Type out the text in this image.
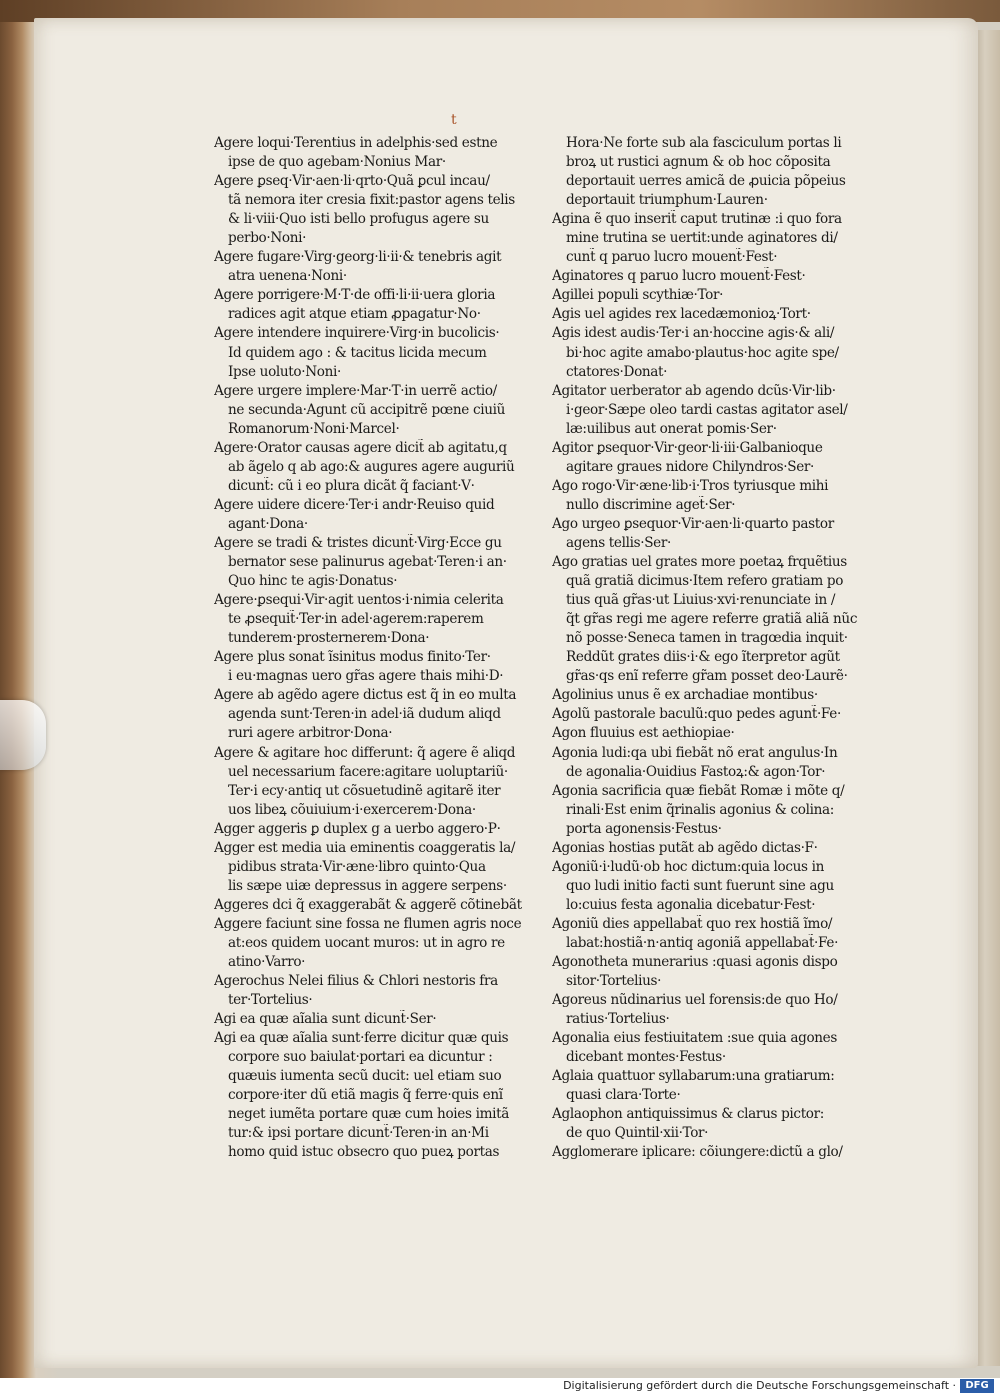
t
Agere loqui·Terentius in adelphis·sed estne
ipse de quo agebam·Nonius Mar·
Agere ꝑseq·Vir·aen·li·qrto·Quã ꝑcul incau/
tã nemora iter cresia fixit:pastor agens telis
& li·viii·Quo isti bello profugus agere su
perbo·Noni·
Agere fugare·Virg·georg·li·ii·& tenebris agit
atra uenena·Noni·
Agere porrigere·M·T·de offi·li·ii·uera gloria
radices agit atque etiam ꝓpagatur·No·
Agere intendere inquirere·Virg·in bucolicis·
Id quidem ago : & tacitus licida mecum
Ipse uoluto·Noni·
Agere urgere implere·Mar·T·in uerrẽ actio/
ne secunda·Agunt cũ accipitrẽ pœne ciuiũ
Romanorum·Noni·Marcel·
Agere·Orator causas agere dicit̃ ab agitatu,q
ab ãgelo q ab ago:& augures agere auguriũ
dicunt̃: cũ i eo plura dicãt q̃ faciant·V·
Agere uidere dicere·Ter·i andr·Reuiso quid
agant·Dona·
Agere se tradi & tristes dicunt̃·Virg·Ecce gu
bernator sese palinurus agebat·Teren·i an·
Quo hinc te agis·Donatus·
Agere·ꝑsequi·Vir·agit uentos·i·nimia celerita
te ꝓsequit̃·Ter·in adel·agerem:raperem
tunderem·prosternerem·Dona·
Agere plus sonat ĩsinitus modus finito·Ter·
i eu·magnas uero gr̃as agere thais mihi·D·
Agere ab agẽdo agere dictus est q̃ in eo multa
agenda sunt·Teren·in adel·iã dudum aliqd
ruri agere arbitror·Dona·
Agere & agitare hoc differunt: q̃ agere ẽ aliqd
uel necessarium facere:agitare uoluptariũ·
Ter·i ecy·antiq ut cõsuetudinẽ agitarẽ iter
uos libeꝝ cõuiuium·i·exercerem·Dona·
Agger aggeris ꝑ duplex g a uerbo aggero·P·
Agger est media uia eminentis coaggeratis la/
pidibus strata·Vir·æne·libro quinto·Qua
lis sæpe uiæ depressus in aggere serpens·
Aggeres dci q̃ exaggerabãt & aggerẽ cõtinebãt
Aggere faciunt sine fossa ne flumen agris noce
at:eos quidem uocant muros: ut in agro re
atino·Varro·
Agerochus Nelei filius & Chlori nestoris fra
ter·Tortelius·
Agi ea quæ aĩalia sunt dicunt̃·Ser·
Agi ea quæ aĩalia sunt·ferre dicitur quæ quis
corpore suo baiulat·portari ea dicuntur :
quæuis iumenta secũ ducit: uel etiam suo
corpore·iter dũ etiã magis q̃ ferre·quis enĩ
neget iumẽta portare quæ cum hoies imitã
tur:& ipsi portare dicunt̃·Teren·in an·Mi
homo quid istuc obsecro quo pueꝝ portas
Hora·Ne forte sub ala fasciculum portas li
broꝝ ut rustici agnum & ob hoc cõposita
deportauit uerres amicã de ꝓuicia põpeius
deportauit triumphum·Lauren·
Agina ẽ quo inserit̃ caput trutinæ :i quo fora
mine trutina se uertit:unde aginatores di/
cunt̃ q paruo lucro mouent̃·Fest·
Aginatores q paruo lucro mouent̃·Fest·
Agillei populi scythiæ·Tor·
Agis uel agides rex lacedæmonioꝝ·Tort·
Agis idest audis·Ter·i an·hoccine agis·& ali/
bi·hoc agite amabo·plautus·hoc agite spe/
ctatores·Donat·
Agitator uerberator ab agendo dcũs·Vir·lib·
i·geor·Sæpe oleo tardi castas agitator asel/
læ:uilibus aut onerat pomis·Ser·
Agitor ꝑsequor·Vir·geor·li·iii·Galbanioque
agitare graues nidore Chilyndros·Ser·
Ago rogo·Vir·æne·lib·i·Tros tyriusque mihi
nullo discrimine aget̃·Ser·
Ago urgeo ꝑsequor·Vir·aen·li·quarto pastor
agens tellis·Ser·
Ago gratias uel grates more poetaꝝ frquẽtius
quã gratiã dicimus·Item refero gratiam po
tius quã gr̃as·ut Liuius·xvi·renunciate in /
q̃t gr̃as regi me agere referre gratiã aliã nũc
nõ posse·Seneca tamen in tragœdia inquit·
Reddũt grates diis·i·& ego ĩterpretor agũt
gr̃as·qs enĩ referre gr̃am posset deo·Laurẽ·
Agolinius unus ẽ ex archadiae montibus·
Agolũ pastorale baculũ:quo pedes agunt̃·Fe·
Agon fluuius est aethiopiae·
Agonia ludi:qa ubi fiebãt nõ erat angulus·In
de agonalia·Ouidius Fastoꝝ:& agon·Tor·
Agonia sacrificia quæ fiebãt Romæ i mõte q/
rinali·Est enim q̃rinalis agonius & colina:
porta agonensis·Festus·
Agonias hostias putãt ab agẽdo dictas·F·
Agoniũ·i·ludũ·ob hoc dictum:quia locus in
quo ludi initio facti sunt fuerunt sine agu
lo:cuius festa agonalia dicebatur·Fest·
Agoniũ dies appellabat̃ quo rex hostiã ĩmo/
labat:hostiã·n·antiq agoniã appellabat̃·Fe·
Agonotheta munerarius :quasi agonis dispo
sitor·Tortelius·
Agoreus nũdinarius uel forensis:de quo Ho/
ratius·Tortelius·
Agonalia eius festiuitatem :sue quia agones
dicebant montes·Festus·
Aglaia quattuor syllabarum:una gratiarum:
quasi clara·Torte·
Aglaophon antiquissimus & clarus pictor:
de quo Quintil·xii·Tor·
Agglomerare iplicare: cõiungere:dictũ a glo/
Digitalisierung gefördert durch die Deutsche Forschungsgemeinschaft · DFG
